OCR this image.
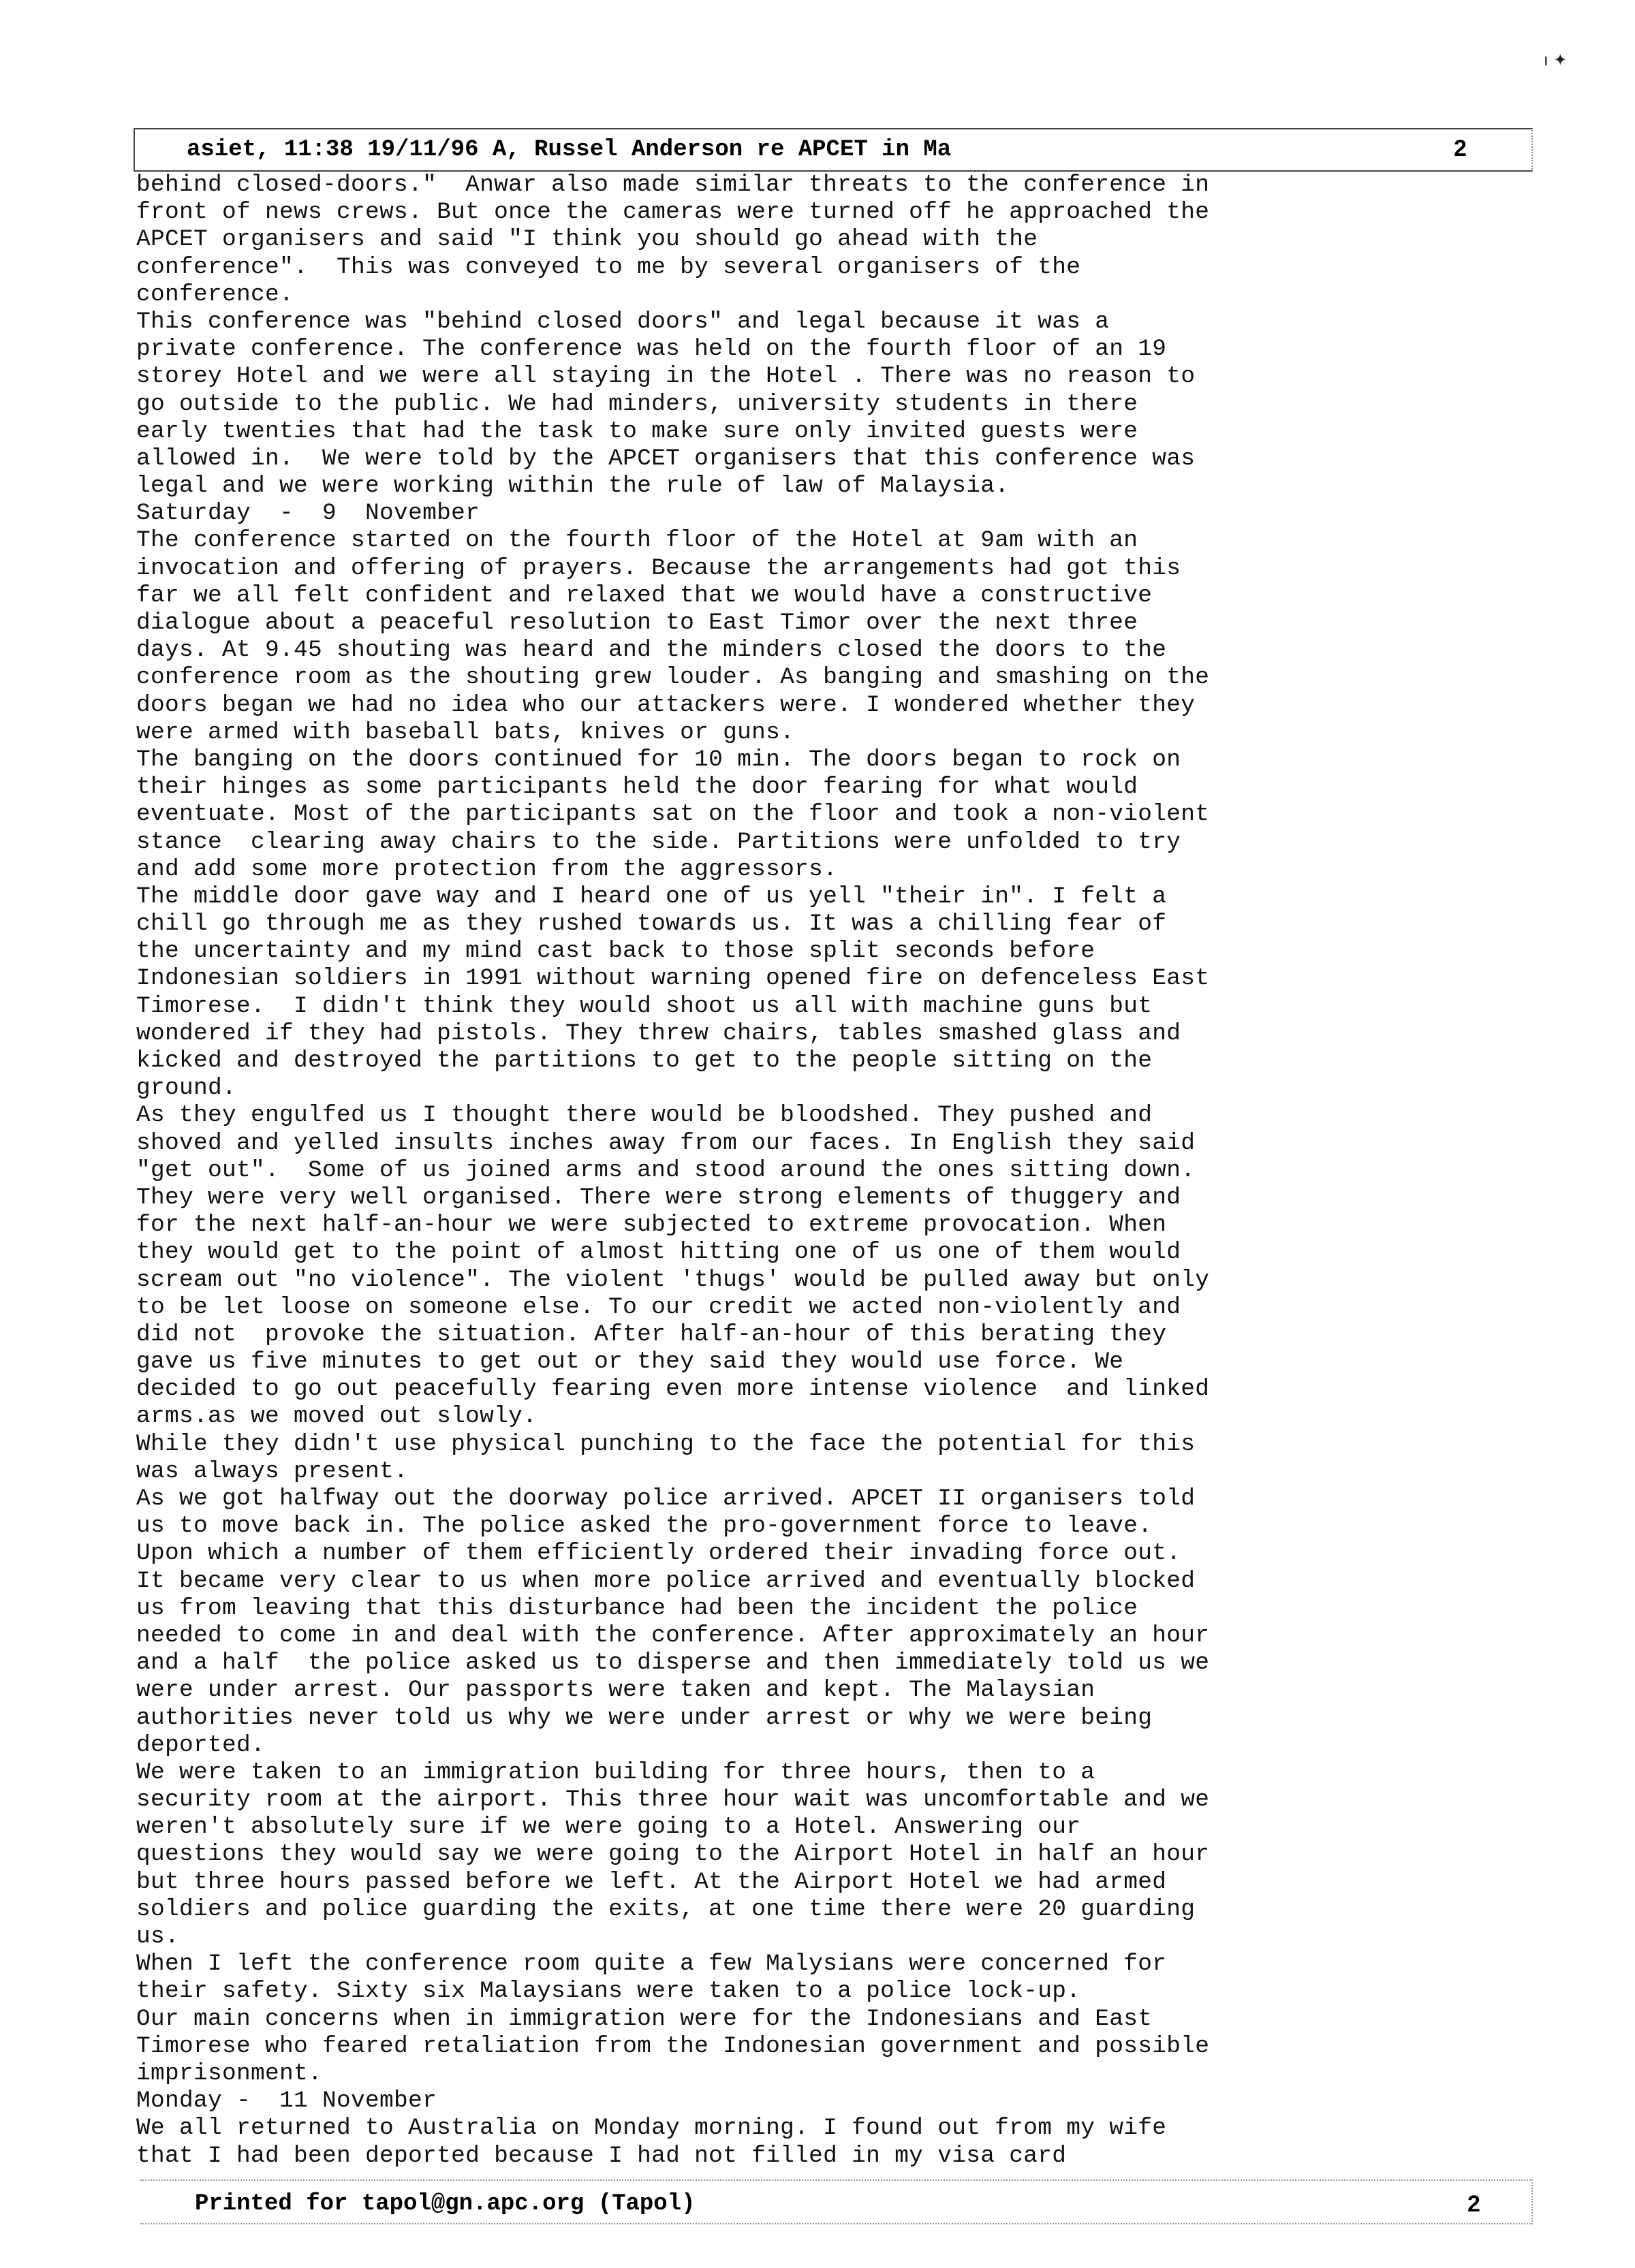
ı ✦
asiet, 11:38 19/11/96 A, Russel Anderson re APCET in Ma	2
behind closed-doors."  Anwar also made similar threats to the conference in
front of news crews. But once the cameras were turned off he approached the
APCET organisers and said "I think you should go ahead with the
conference".  This was conveyed to me by several organisers of the
conference.
This conference was "behind closed doors" and legal because it was a
private conference. The conference was held on the fourth floor of an 19
storey Hotel and we were all staying in the Hotel . There was no reason to
go outside to the public. We had minders, university students in there
early twenties that had the task to make sure only invited guests were
allowed in.  We were told by the APCET organisers that this conference was
legal and we were working within the rule of law of Malaysia.
Saturday  -  9  November
The conference started on the fourth floor of the Hotel at 9am with an
invocation and offering of prayers. Because the arrangements had got this
far we all felt confident and relaxed that we would have a constructive
dialogue about a peaceful resolution to East Timor over the next three
days. At 9.45 shouting was heard and the minders closed the doors to the
conference room as the shouting grew louder. As banging and smashing on the
doors began we had no idea who our attackers were. I wondered whether they
were armed with baseball bats, knives or guns.
The banging on the doors continued for 10 min. The doors began to rock on
their hinges as some participants held the door fearing for what would
eventuate. Most of the participants sat on the floor and took a non-violent
stance  clearing away chairs to the side. Partitions were unfolded to try
and add some more protection from the aggressors.
The middle door gave way and I heard one of us yell "their in". I felt a
chill go through me as they rushed towards us. It was a chilling fear of
the uncertainty and my mind cast back to those split seconds before
Indonesian soldiers in 1991 without warning opened fire on defenceless East
Timorese.  I didn't think they would shoot us all with machine guns but
wondered if they had pistols. They threw chairs, tables smashed glass and
kicked and destroyed the partitions to get to the people sitting on the
ground.
As they engulfed us I thought there would be bloodshed. They pushed and
shoved and yelled insults inches away from our faces. In English they said
"get out".  Some of us joined arms and stood around the ones sitting down.
They were very well organised. There were strong elements of thuggery and
for the next half-an-hour we were subjected to extreme provocation. When
they would get to the point of almost hitting one of us one of them would
scream out "no violence". The violent 'thugs' would be pulled away but only
to be let loose on someone else. To our credit we acted non-violently and
did not  provoke the situation. After half-an-hour of this berating they
gave us five minutes to get out or they said they would use force. We
decided to go out peacefully fearing even more intense violence  and linked
arms.as we moved out slowly.
While they didn't use physical punching to the face the potential for this
was always present.
As we got halfway out the doorway police arrived. APCET II organisers told
us to move back in. The police asked the pro-government force to leave.
Upon which a number of them efficiently ordered their invading force out.
It became very clear to us when more police arrived and eventually blocked
us from leaving that this disturbance had been the incident the police
needed to come in and deal with the conference. After approximately an hour
and a half  the police asked us to disperse and then immediately told us we
were under arrest. Our passports were taken and kept. The Malaysian
authorities never told us why we were under arrest or why we were being
deported.
We were taken to an immigration building for three hours, then to a
security room at the airport. This three hour wait was uncomfortable and we
weren't absolutely sure if we were going to a Hotel. Answering our
questions they would say we were going to the Airport Hotel in half an hour
but three hours passed before we left. At the Airport Hotel we had armed
soldiers and police guarding the exits, at one time there were 20 guarding
us.
When I left the conference room quite a few Malysians were concerned for
their safety. Sixty six Malaysians were taken to a police lock-up.
Our main concerns when in immigration were for the Indonesians and East
Timorese who feared retaliation from the Indonesian government and possible
imprisonment.
Monday -  11 November
We all returned to Australia on Monday morning. I found out from my wife
that I had been deported because I had not filled in my visa card
Printed for tapol@gn.apc.org (Tapol)	2
